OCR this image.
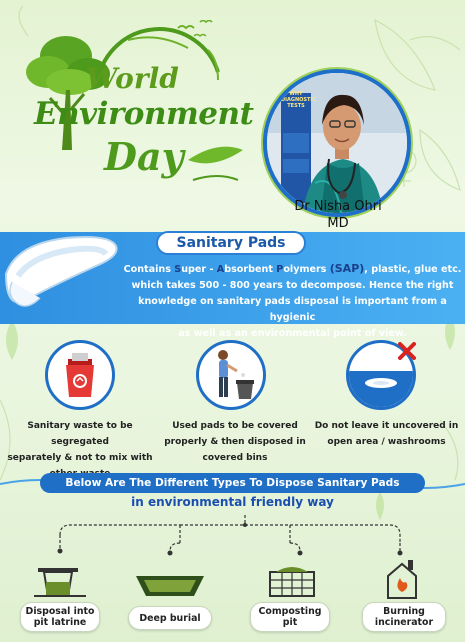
World
Environment
Day
WHY DIAGNOSTIC TESTS
Dr Nisha Ohri
MD
Sanitary Pads
Contains Super - Absorbent Polymers (SAP), plastic, glue etc.
which takes 500 - 800 years to decompose. Hence the right
knowledge on sanitary pads disposal is important from a hygienic
as well as an environmental point of view.
Sanitary waste to be segregated
separately & not to mix with
Used pads to be covered
properly & then disposed in
covered bins
Do not leave it uncovered in
open area / washrooms
Below Are The Different Types To Dispose Sanitary Pads
in environmental friendly way
Disposal into
pit latrine	Deep burial
Composting
pit
Burning
incinerator
